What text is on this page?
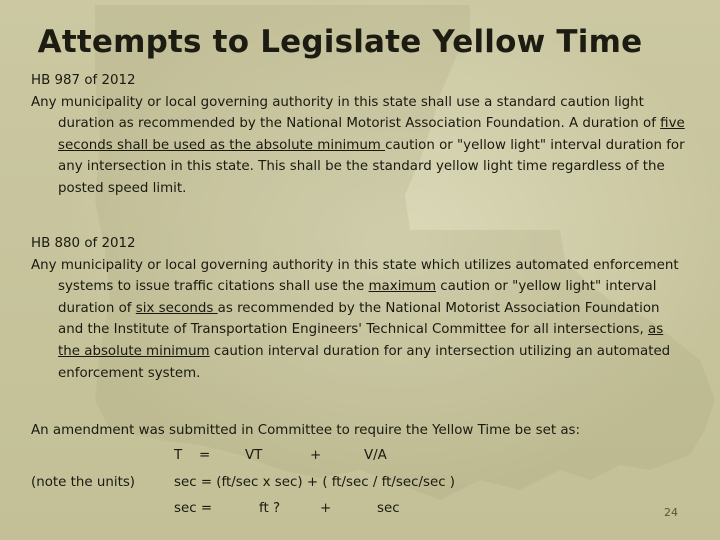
Attempts to Legislate Yellow Time
HB 987 of 2012
Any municipality or local governing authority in this state shall use a standard caution light duration as recommended by the National Motorist Association Foundation. A duration of five seconds shall be used as the absolute minimum caution or "yellow light" interval duration for any intersection in this state. This shall be the standard yellow light time regardless of the posted speed limit.
HB 880 of 2012
Any municipality or local governing authority in this state which utilizes automated enforcement systems to issue traffic citations shall use the maximum caution or "yellow light" interval duration of six seconds as recommended by the National Motorist Association Foundation and the Institute of Transportation Engineers' Technical Committee for all intersections, as the absolute minimum caution interval duration for any intersection utilizing an automated enforcement system.
An amendment was submitted in Committee to require the Yellow Time be set as:
T =	VT	+	V/A
(note the units)	sec = (ft/sec x sec) + ( ft/sec / ft/sec/sec )
sec =	ft ?	+	sec	24
